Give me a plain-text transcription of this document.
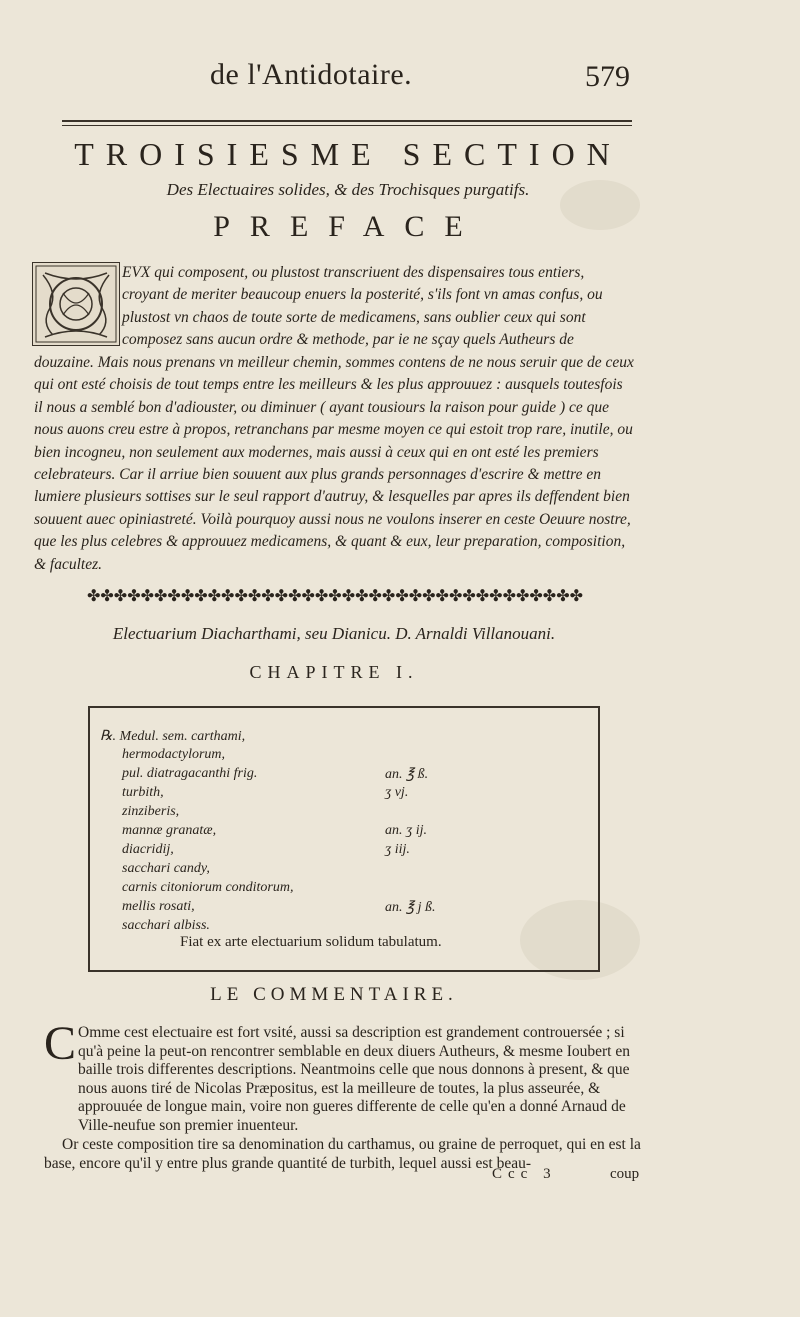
de l'Antidotaire.	579
TROISIESME SECTION
Des Electuaires solides, & des Trochisques purgatifs.
PREFACE
EVX qui composent, ou plustost transcriuent des dispensaires tous entiers, croyant de meriter beaucoup enuers la posterité, s'ils font vn amas confus, ou plustost vn chaos de toute sorte de medicamens, sans oublier ceux qui sont composez sans aucun ordre & methode, par ie ne sçay quels Autheurs de
douzaine. Mais nous prenans vn meilleur chemin, sommes contens de ne nous seruir que de ceux qui ont esté choisis de tout temps entre les meilleurs & les plus approuuez : ausquels toutesfois il nous a semblé bon d'adiouster, ou diminuer ( ayant tousiours la raison pour guide ) ce que nous auons creu estre à propos, retranchans par mesme moyen ce qui estoit trop rare, inutile, ou bien incogneu, non seulement aux modernes, mais aussi à ceux qui en ont esté les premiers celebrateurs. Car il arriue bien souuent aux plus grands personnages d'escrire & mettre en lumiere plusieurs sottises sur le seul rapport d'autruy, & lesquelles par apres ils deffendent bien souuent auec opiniastreté. Voilà pourquoy aussi nous ne voulons inserer en ceste Oeuure nostre, que les plus celebres & approuuez medicamens, & quant & eux, leur preparation, composition, & facultez.
✤✤✤✤✤✤✤✤✤✤✤✤✤✤✤✤✤✤✤✤✤✤✤✤✤✤✤✤✤✤✤✤✤✤✤✤✤
Electuarium Diacharthami, seu Dianicu. D. Arnaldi Villanouani.
CHAPITRE I.
℞. Medul. sem. carthami,
hermodactylorum,
pul. diatragacanthi frig.
turbith,
zinziberis,
mannæ granatæ,
diacridij,
sacchari candy,
carnis citoniorum conditorum,
mellis rosati,
sacchari albiss.
an. ℥ ß.
ʒ vj.
an. ʒ ij.
ʒ iij.
an. ℥ j ß.
Fiat ex arte electuarium solidum tabulatum.
LE COMMENTAIRE.
C Omme cest electuaire est fort vsité, aussi sa description est grandement controuersée ; si qu'à peine la peut-on rencontrer semblable en deux diuers Autheurs, & mesme Ioubert en baille trois differentes descriptions. Neantmoins celle que nous donnons à present, & que nous auons tiré de Nicolas Præpositus, est la meilleure de toutes, la plus asseurée, & approuuée de longue main, voire non gueres differente de celle qu'en a donné Arnaud de Ville-neufue son premier inuenteur.
Or ceste composition tire sa denomination du carthamus, ou graine de perroquet, qui en est la base, encore qu'il y entre plus grande quantité de turbith, lequel aussi est beau-
Ccc 3	coup
